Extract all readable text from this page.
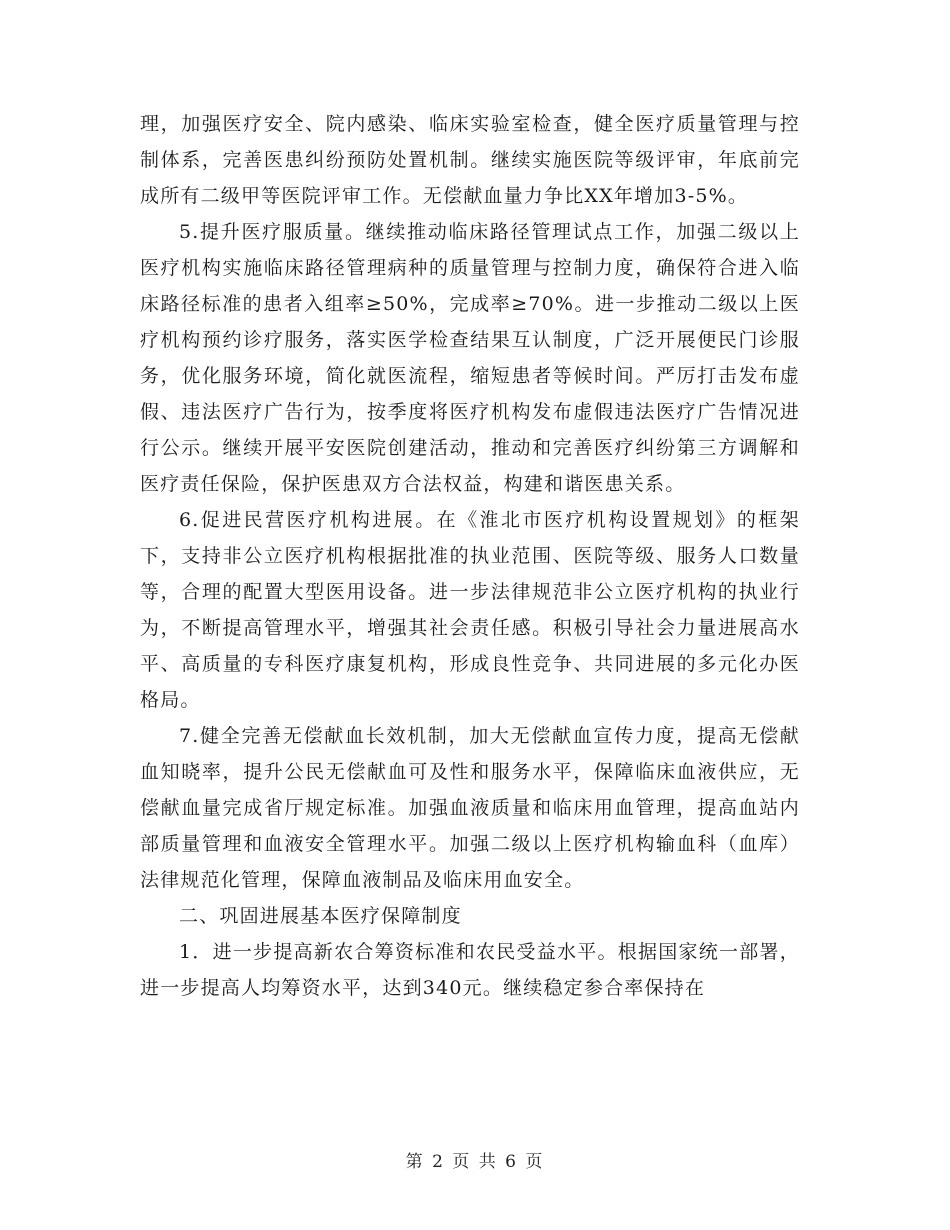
理，加强医疗安全、院内感染、临床实验室检查，健全医疗质量管理与控制体系，完善医患纠纷预防处置机制。继续实施医院等级评审，年底前完成所有二级甲等医院评审工作。无偿献血量力争比XX年增加3-5%。

5.提升医疗服质量。继续推动临床路径管理试点工作，加强二级以上医疗机构实施临床路径管理病种的质量管理与控制力度，确保符合进入临床路径标准的患者入组率≥50%，完成率≥70%。进一步推动二级以上医疗机构预约诊疗服务，落实医学检查结果互认制度，广泛开展便民门诊服务，优化服务环境，简化就医流程，缩短患者等候时间。严厉打击发布虚假、违法医疗广告行为，按季度将医疗机构发布虚假违法医疗广告情况进行公示。继续开展平安医院创建活动，推动和完善医疗纠纷第三方调解和医疗责任保险，保护医患双方合法权益，构建和谐医患关系。

6.促进民营医疗机构进展。在《淮北市医疗机构设置规划》的框架下，支持非公立医疗机构根据批准的执业范围、医院等级、服务人口数量等，合理的配置大型医用设备。进一步法律规范非公立医疗机构的执业行为，不断提高管理水平，增强其社会责任感。积极引导社会力量进展高水平、高质量的专科医疗康复机构，形成良性竞争、共同进展的多元化办医格局。

7.健全完善无偿献血长效机制，加大无偿献血宣传力度，提高无偿献血知晓率，提升公民无偿献血可及性和服务水平，保障临床血液供应，无偿献血量完成省厅规定标准。加强血液质量和临床用血管理，提高血站内部质量管理和血液安全管理水平。加强二级以上医疗机构输血科（血库）法律规范化管理，保障血液制品及临床用血安全。

二、巩固进展基本医疗保障制度

1．进一步提高新农合筹资标准和农民受益水平。根据国家统一部署，进一步提高人均筹资水平，达到340元。继续稳定参合率保持在

第 2 页 共 6 页
